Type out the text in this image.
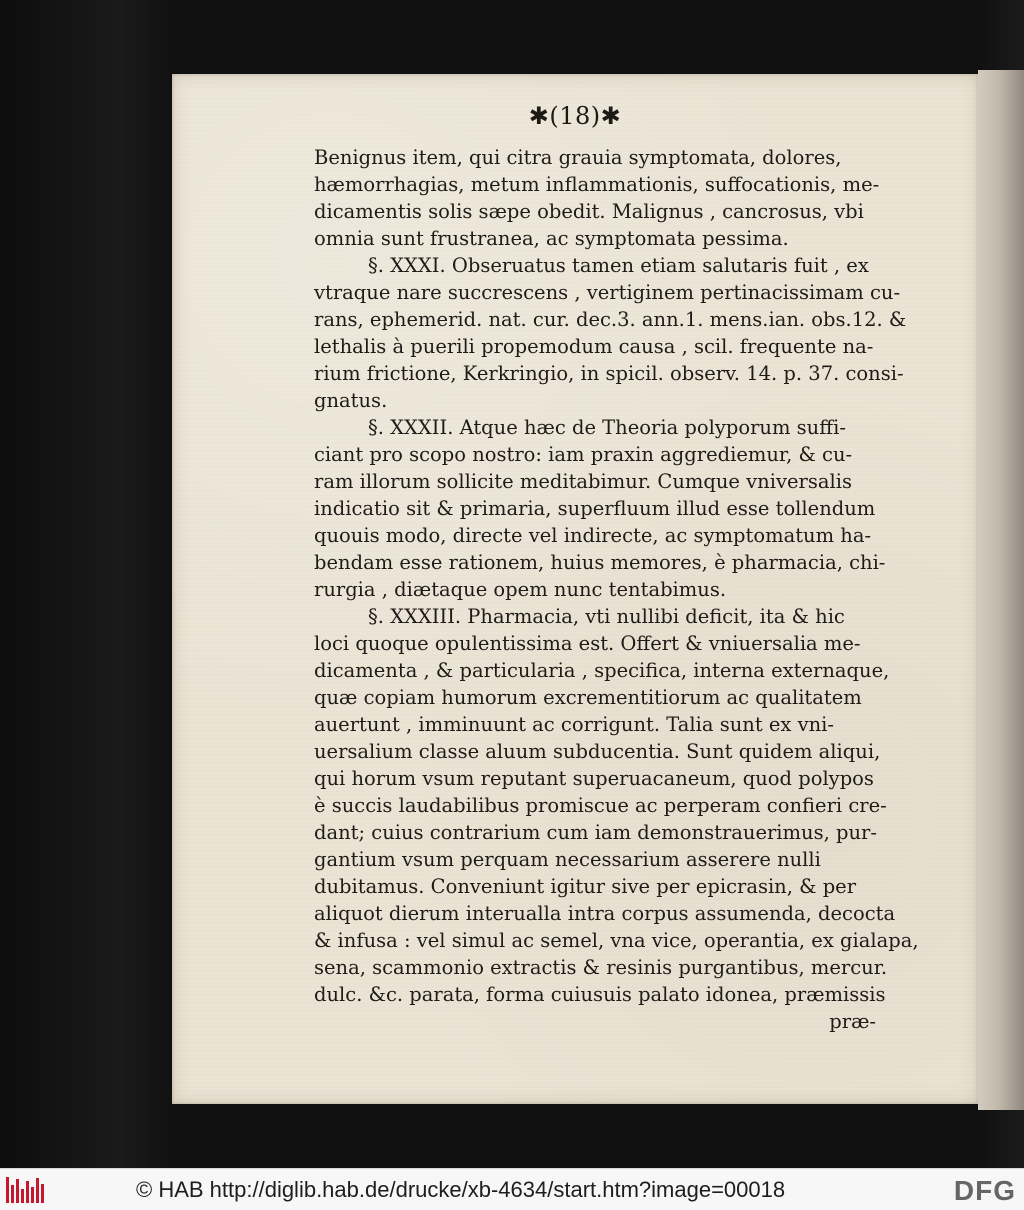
✱(18)✱
Benignus item, qui citra grauia symptomata, dolores,
hæmorrhagias, metum inflammationis, suffocationis, me-
dicamentis solis sæpe obedit. Malignus , cancrosus, vbi
omnia sunt frustranea, ac symptomata pessima.
§. XXXI. Obseruatus tamen etiam salutaris fuit , ex
vtraque nare succrescens , vertiginem pertinacissimam cu-
rans, ephemerid. nat. cur. dec.3. ann.1. mens.ian. obs.12. &
lethalis à puerili propemodum causa , scil. frequente na-
rium frictione, Kerkringio, in spicil. observ. 14. p. 37. consi-
gnatus.
§. XXXII. Atque hæc de Theoria polyporum suffi-
ciant pro scopo nostro: iam praxin aggrediemur, & cu-
ram illorum sollicite meditabimur. Cumque vniversalis
indicatio sit & primaria, superfluum illud esse tollendum
quouis modo, directe vel indirecte, ac symptomatum ha-
bendam esse rationem, huius memores, è pharmacia, chi-
rurgia , diætaque opem nunc tentabimus.
§. XXXIII. Pharmacia, vti nullibi deficit, ita & hic
loci quoque opulentissima est. Offert & vniuersalia me-
dicamenta , & particularia , specifica, interna externaque,
quæ copiam humorum excrementitiorum ac qualitatem
auertunt , imminuunt ac corrigunt. Talia sunt ex vni-
uersalium classe aluum subducentia. Sunt quidem aliqui,
qui horum vsum reputant superuacaneum, quod polypos
è succis laudabilibus promiscue ac perperam confieri cre-
dant; cuius contrarium cum iam demonstrauerimus, pur-
gantium vsum perquam necessarium asserere nulli
dubitamus. Conveniunt igitur sive per epicrasin, & per
aliquot dierum interualla intra corpus assumenda, decocta
& infusa : vel simul ac semel, vna vice, operantia, ex gialapa,
sena, scammonio extractis & resinis purgantibus, mercur.
dulc. &c. parata, forma cuiusuis palato idonea, præmissis
præ-
© HAB http://diglib.hab.de/drucke/xb-4634/start.htm?image=00018	DFG
